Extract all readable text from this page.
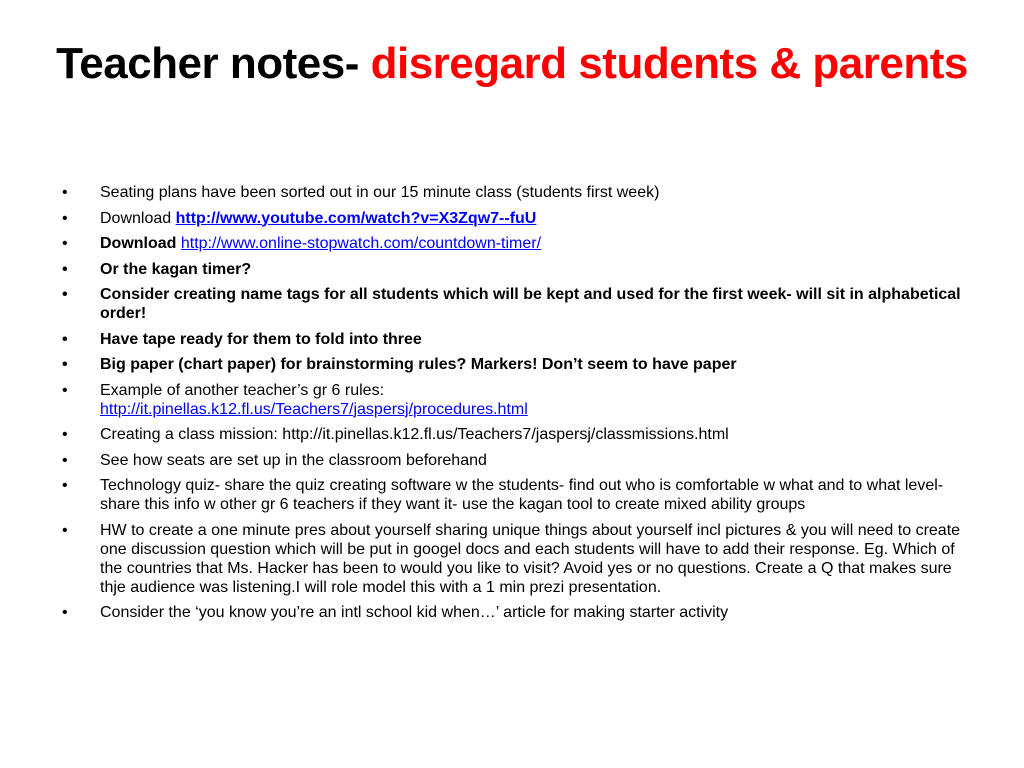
Teacher notes- disregard students & parents
•	Seating plans have been sorted out in our 15 minute class (students first week)
•	Download http://www.youtube.com/watch?v=X3Zqw7--fuU
•	Download http://www.online-stopwatch.com/countdown-timer/
•	Or the kagan timer?
•	Consider creating name tags for all students which will be kept and used for the first week- will sit in alphabetical order!
•	Have tape ready for them to fold into three
•	Big paper (chart paper) for brainstorming rules? Markers! Don’t seem to have paper
•	Example of another teacher’s gr 6 rules:
http://it.pinellas.k12.fl.us/Teachers7/jaspersj/procedures.html
•	Creating a class mission: http://it.pinellas.k12.fl.us/Teachers7/jaspersj/classmissions.html
•	See how seats are set up in the classroom beforehand
•	Technology quiz- share the quiz creating software w the students- find out who is comfortable w what and to what level- share this info w other gr 6 teachers if they want it- use the kagan tool to create mixed ability groups
•	HW to create a one minute pres about yourself sharing unique things about yourself incl pictures & you will need to create one discussion question which will be put in googel docs and each students will have to add their response. Eg. Which of the countries that Ms. Hacker has been to would you like to visit? Avoid yes or no questions. Create a Q that makes sure thje audience was listening.I will role model this with a 1 min prezi presentation.
•	Consider the ‘you know you’re an intl school kid when…’ article for making starter activity
